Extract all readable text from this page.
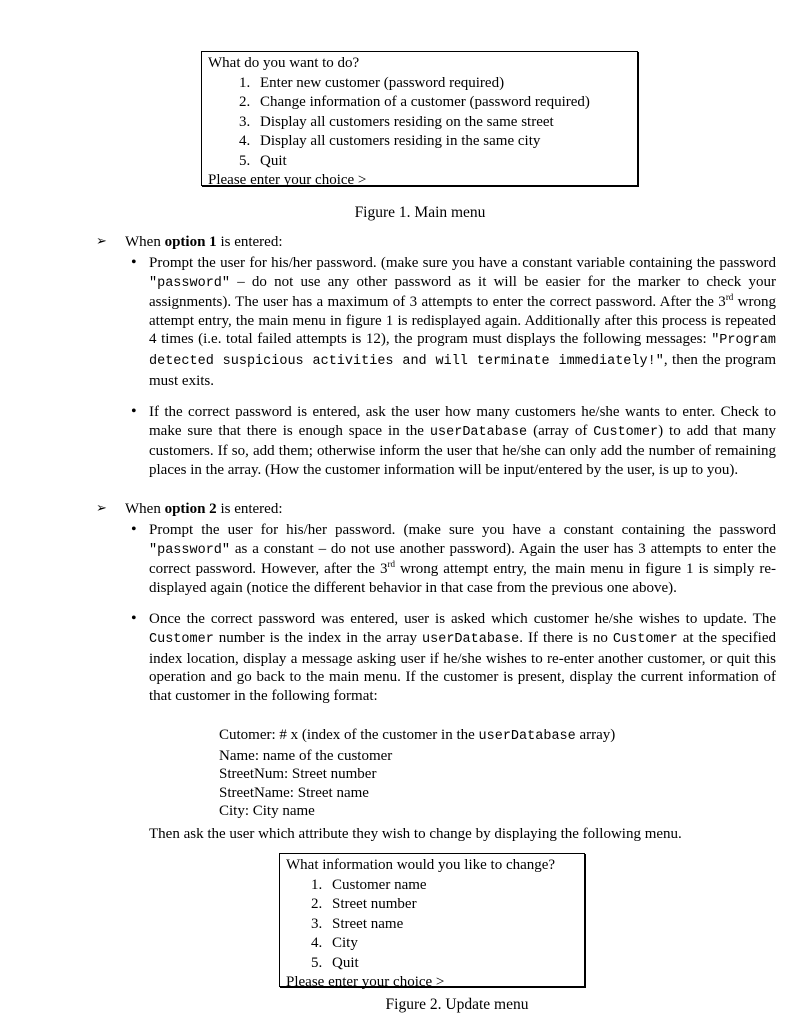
What do you want to do?
1. Enter new customer (password required)
2. Change information of a customer (password required)
3. Display all customers residing on the same street
4. Display all customers residing in the same city
5. Quit
Please enter your choice >
Figure 1. Main menu
➢ When option 1 is entered:
• Prompt the user for his/her password. (make sure you have a constant variable containing the password "password" – do not use any other password as it will be easier for the marker to check your assignments). The user has a maximum of 3 attempts to enter the correct password. After the 3rd wrong attempt entry, the main menu in figure 1 is redisplayed again. Additionally after this process is repeated 4 times (i.e. total failed attempts is 12), the program must displays the following messages: "Program detected suspicious activities and will terminate immediately!", then the program must exits.
• If the correct password is entered, ask the user how many customers he/she wants to enter. Check to make sure that there is enough space in the userDatabase (array of Customer) to add that many customers. If so, add them; otherwise inform the user that he/she can only add the number of remaining places in the array. (How the customer information will be input/entered by the user, is up to you).
➢ When option 2 is entered:
• Prompt the user for his/her password. (make sure you have a constant containing the password "password" as a constant – do not use another password). Again the user has 3 attempts to enter the correct password. However, after the 3rd wrong attempt entry, the main menu in figure 1 is simply re-displayed again (notice the different behavior in that case from the previous one above).
• Once the correct password was entered, user is asked which customer he/she wishes to update. The Customer number is the index in the array userDatabase. If there is no Customer at the specified index location, display a message asking user if he/she wishes to re-enter another customer, or quit this operation and go back to the main menu. If the customer is present, display the current information of that customer in the following format:
Cutomer: # x (index of the customer in the userDatabase array)
Name: name of the customer
StreetNum: Street number
StreetName: Street name
City: City name
Then ask the user which attribute they wish to change by displaying the following menu.
What information would you like to change?
1. Customer name
2. Street number
3. Street name
4. City
5. Quit
Please enter your choice >
Figure 2. Update menu
